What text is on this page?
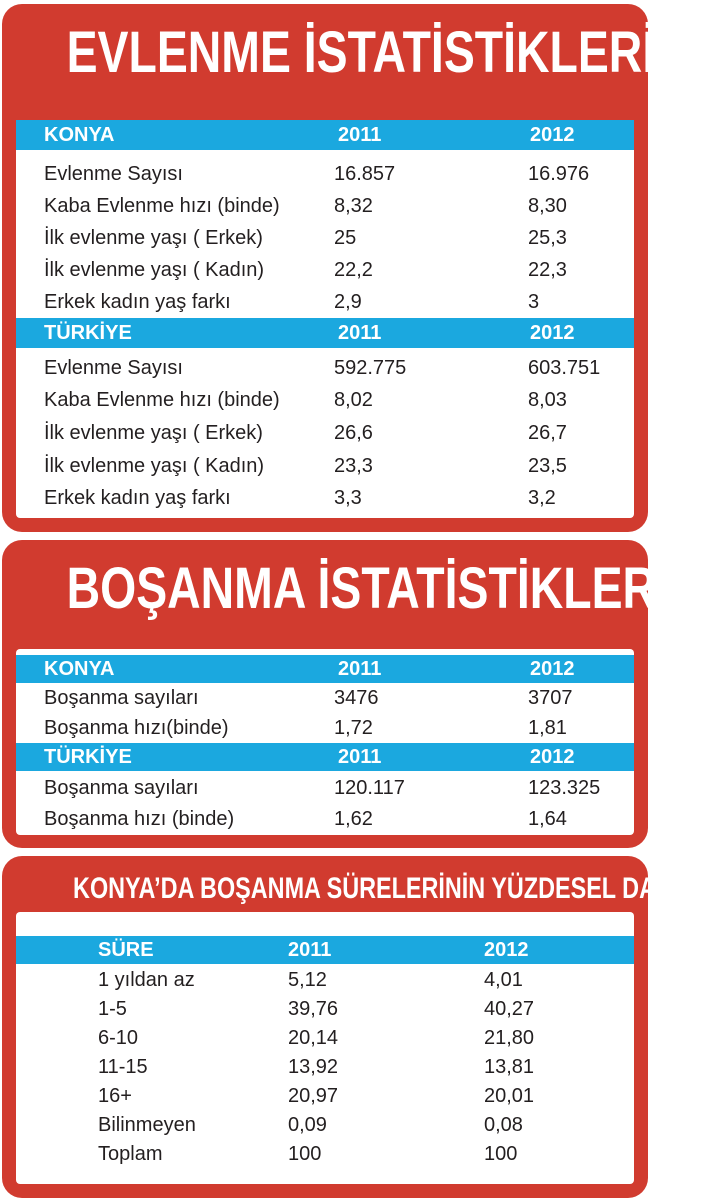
EVLENME İSTATİSTİKLERİ
KONYA	2011	2012
Evlenme Sayısı	16.857	16.976
Kaba Evlenme hızı (binde)	8,32	8,30
İlk evlenme yaşı ( Erkek)	25	25,3
İlk evlenme yaşı ( Kadın)	22,2	22,3
Erkek kadın yaş farkı	2,9	3
TÜRKİYE	2011	2012
Evlenme Sayısı	592.775	603.751
Kaba Evlenme hızı (binde)	8,02	8,03
İlk evlenme yaşı ( Erkek)	26,6	26,7
İlk evlenme yaşı ( Kadın)	23,3	23,5
Erkek kadın yaş farkı	3,3	3,2
BOŞANMA İSTATİSTİKLERİ
KONYA	2011	2012
Boşanma sayıları	3476	3707
Boşanma hızı(binde)	1,72	1,81
TÜRKİYE	2011	2012
Boşanma sayıları	120.117	123.325
Boşanma hızı (binde)	1,62	1,64
KONYA’DA BOŞANMA SÜRELERİNİN YÜZDESEL DAĞILIMI
SÜRE	2011	2012
1 yıldan az	5,12	4,01
1-5	39,76	40,27
6-10	20,14	21,80
11-15	13,92	13,81
16+	20,97	20,01
Bilinmeyen	0,09	0,08
Toplam	100	100
